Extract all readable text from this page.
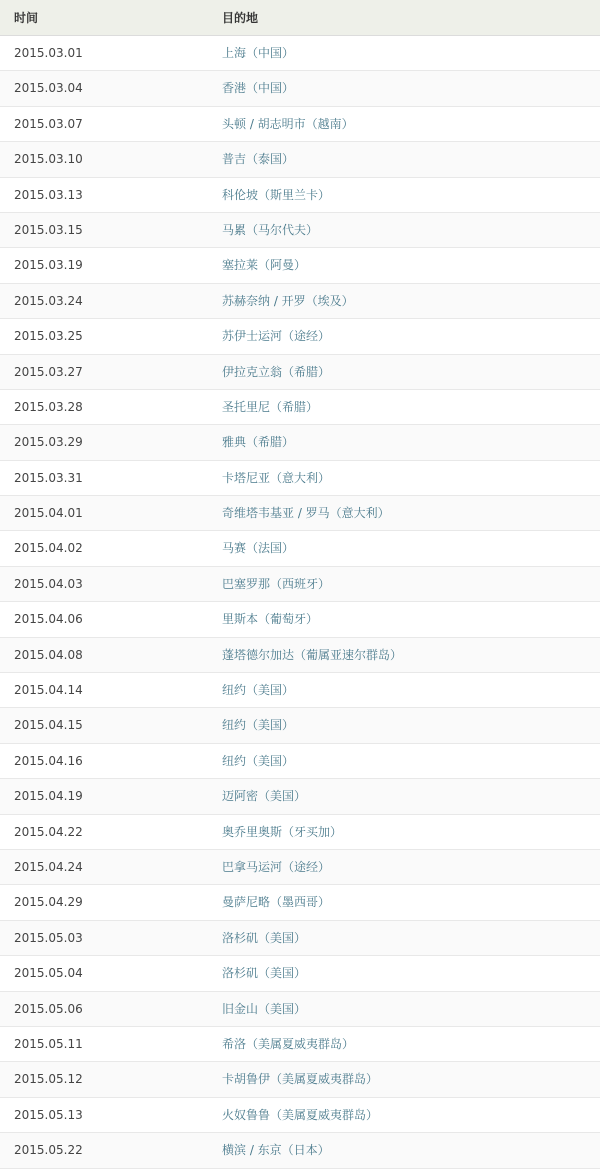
时间	目的地
2015.03.01	上海（中国）
2015.03.04	香港（中国）
2015.03.07	头顿 / 胡志明市（越南）
2015.03.10	普吉（泰国）
2015.03.13	科伦坡（斯里兰卡）
2015.03.15	马累（马尔代夫）
2015.03.19	塞拉莱（阿曼）
2015.03.24	苏赫奈纳 / 开罗（埃及）
2015.03.25	苏伊士运河（途经）
2015.03.27	伊拉克立翁（希腊）
2015.03.28	圣托里尼（希腊）
2015.03.29	雅典（希腊）
2015.03.31	卡塔尼亚（意大利）
2015.04.01	奇维塔韦基亚 / 罗马（意大利）
2015.04.02	马赛（法国）
2015.04.03	巴塞罗那（西班牙）
2015.04.06	里斯本（葡萄牙）
2015.04.08	蓬塔德尔加达（葡属亚速尔群岛）
2015.04.14	纽约（美国）
2015.04.15	纽约（美国）
2015.04.16	纽约（美国）
2015.04.19	迈阿密（美国）
2015.04.22	奥乔里奥斯（牙买加）
2015.04.24	巴拿马运河（途经）
2015.04.29	曼萨尼略（墨西哥）
2015.05.03	洛杉矶（美国）
2015.05.04	洛杉矶（美国）
2015.05.06	旧金山（美国）
2015.05.11	希洛（美属夏威夷群岛）
2015.05.12	卡胡鲁伊（美属夏威夷群岛）
2015.05.13	火奴鲁鲁（美属夏威夷群岛）
2015.05.22	横滨 / 东京（日本）
